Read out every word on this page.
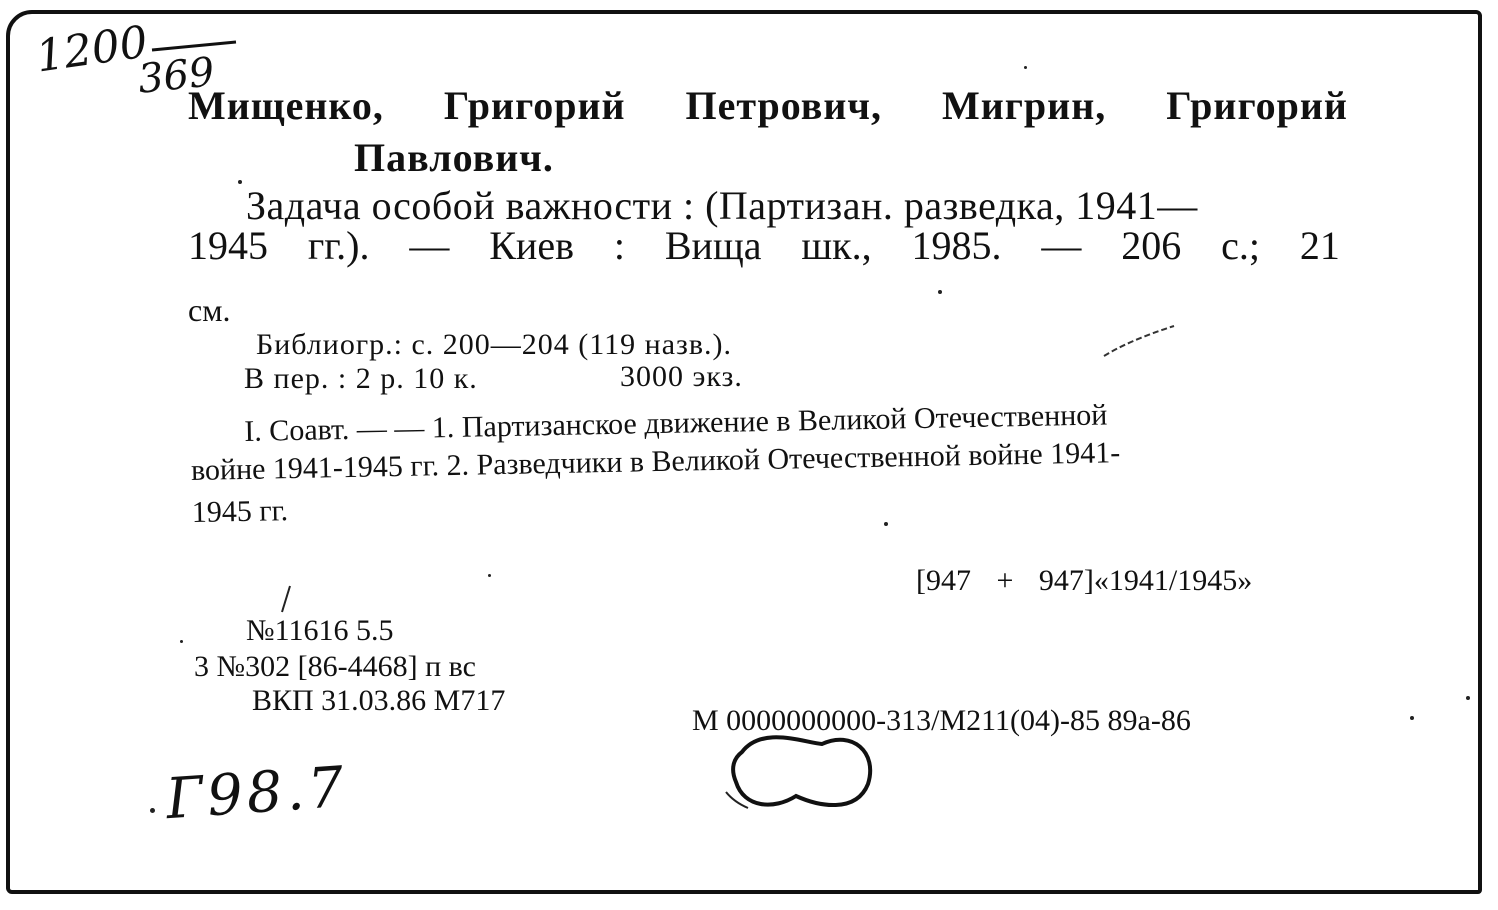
1200
369
Мищенко, Григорий Петрович, Мигрин, Григорий
Павлович.
Задача особой важности : (Партизан. разведка, 1941—
1945 гг.). — Киев : Вища шк., 1985. — 206 с.; 21
см.
Библиогр.: с. 200—204 (119 назв.).
В пер. : 2 р. 10 к.	3000 экз.
I. Соавт. — — 1. Партизанское движение в Великой Отечественной
войне 1941-1945 гг. 2. Разведчики в Великой Отечественной войне 1941-
1945 гг.
[947 + 947]«1941/1945»
№11616 5.5
3 №302 [86-4468] п вс
ВКП 31.03.86 М717
М 0000000000-313/М211(04)-85 89а-86
Г98.7
